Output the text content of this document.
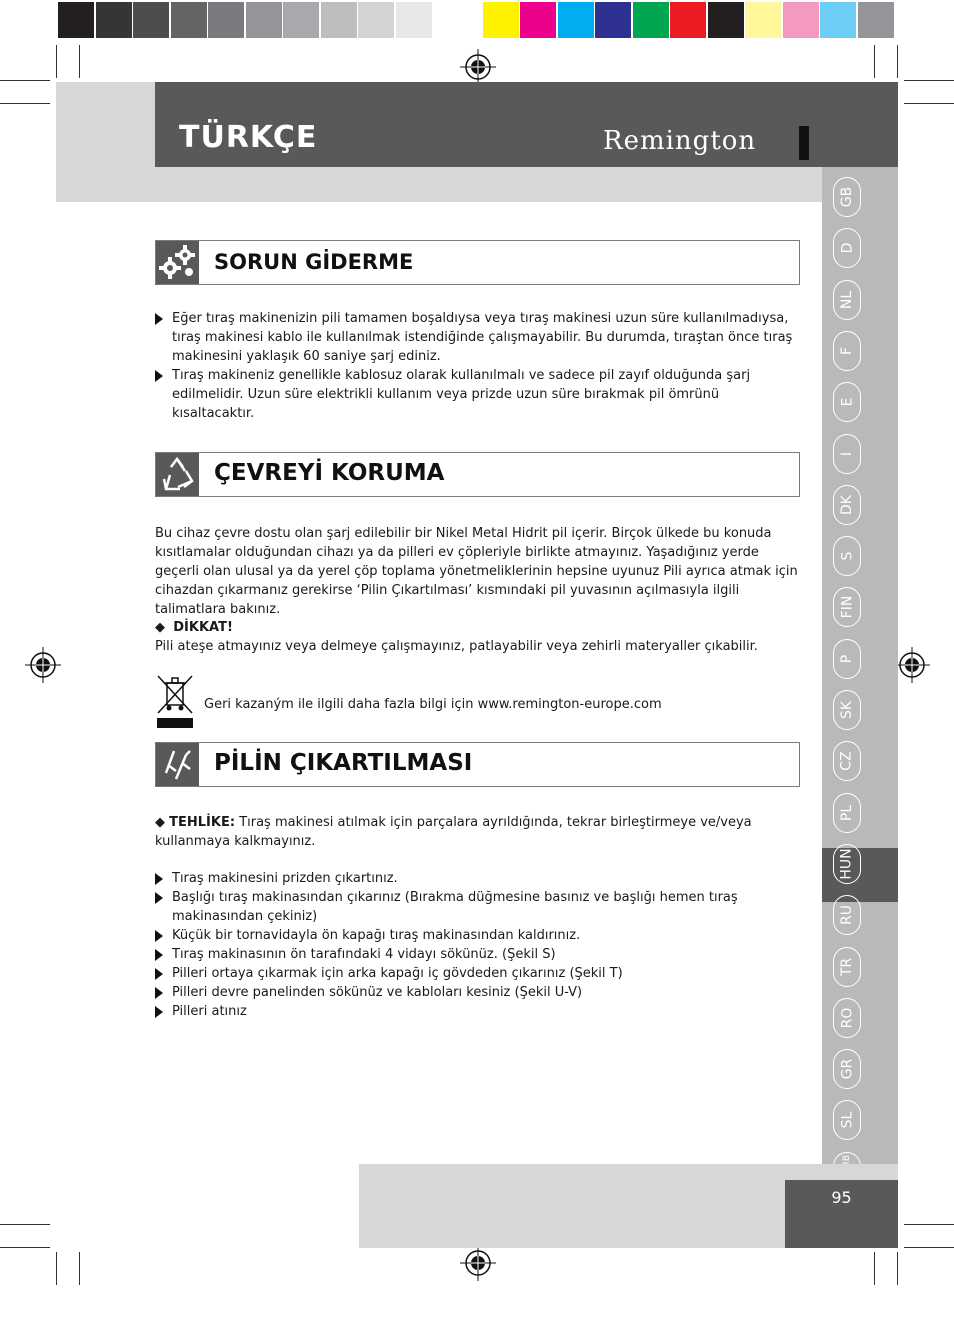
TÜRKÇE	Remington
GB
D
NL
F
E
I
DK
S
FIN
P
SK
CZ
PL
HUN
RU
TR
RO
GR
SL
SORUN GİDERME
Eğer tıraş makinenizin pili tamamen boşaldıysa veya tıraş makinesi uzun süre kullanılmadıysa, tıraş makinesi kablo ile kullanılmak istendiğinde çalışmayabilir. Bu durumda, tıraştan önce tıraş makinesini yaklaşık 60 saniye şarj ediniz.
Tıraş makineniz genellikle kablosuz olarak kullanılmalı ve sadece pil zayıf olduğunda şarj edilmelidir. Uzun süre elektrikli kullanım veya prizde uzun süre bırakmak pil ömrünü kısaltacaktır.
ÇEVREYİ KORUMA
Bu cihaz çevre dostu olan şarj edilebilir bir Nikel Metal Hidrit pil içerir. Birçok ülkede bu konuda kısıtlamalar olduğundan cihazı ya da pilleri ev çöpleriyle birlikte atmayınız. Yaşadığınız yerde geçerli olan ulusal ya da yerel çöp toplama yönetmeliklerinin hepsine uyunuz Pili ayrıca atmak için cihazdan çıkarmanız gerekirse ‘Pilin Çıkartılması’ kısmındaki pil yuvasının açılmasıyla ilgili talimatlara bakınız.
◆ DİKKAT!
Pili ateşe atmayınız veya delmeye çalışmayınız, patlayabilir veya zehirli materyaller çıkabilir.
Geri kazaným ile ilgili daha fazla bilgi için www.remington-europe.com
PİLİN ÇIKARTILMASI
◆ TEHLİKE: Tıraş makinesi atılmak için parçalara ayrıldığında, tekrar birleştirmeye ve/veya kullanmaya kalkmayınız.
Tıraş makinesini prizden çıkartınız.
Başlığı tıraş makinasından çıkarınız (Bırakma düğmesine basınız ve başlığı hemen tıraş makinasından çekiniz)
Küçük bir tornavidayla ön kapağı tıraş makinasından kaldırınız.
Tıraş makinasının ön tarafındaki 4 vidayı sökünüz. (Şekil S)
Pilleri ortaya çıkarmak için arka kapağı iç gövdeden çıkarınız (Şekil T)
Pilleri devre panelinden sökünüz ve kabloları kesiniz (Şekil U-V)
Pilleri atınız
95
